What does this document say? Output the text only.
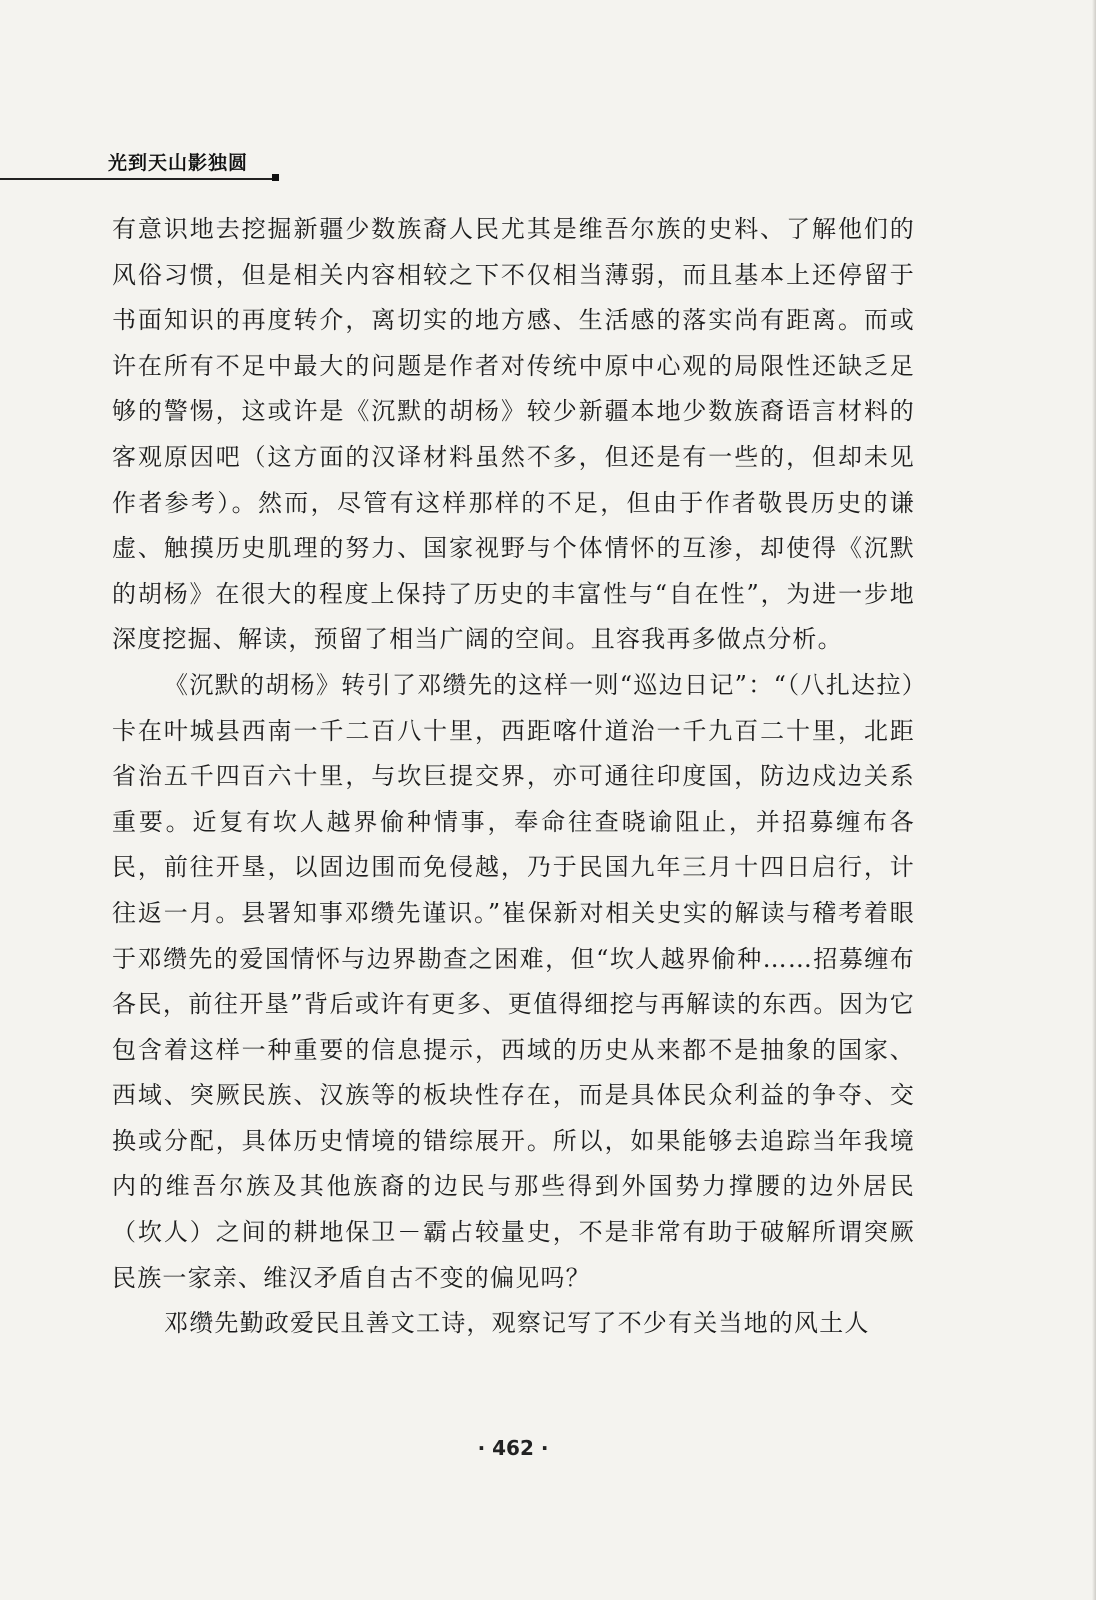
光到天山影独圆

有意识地去挖掘新疆少数族裔人民尤其是维吾尔族的史料、了解他们的风俗习惯，但是相关内容相较之下不仅相当薄弱，而且基本上还停留于书面知识的再度转介，离切实的地方感、生活感的落实尚有距离。而或许在所有不足中最大的问题是作者对传统中原中心观的局限性还缺乏足够的警惕，这或许是《沉默的胡杨》较少新疆本地少数族裔语言材料的客观原因吧（这方面的汉译材料虽然不多，但还是有一些的，但却未见作者参考）。然而，尽管有这样那样的不足，但由于作者敬畏历史的谦虚、触摸历史肌理的努力、国家视野与个体情怀的互渗，却使得《沉默的胡杨》在很大的程度上保持了历史的丰富性与“自在性”，为进一步地深度挖掘、解读，预留了相当广阔的空间。且容我再多做点分析。

《沉默的胡杨》转引了邓缵先的这样一则“巡边日记”：“（八扎达拉）卡在叶城县西南一千二百八十里，西距喀什道治一千九百二十里，北距省治五千四百六十里，与坎巨提交界，亦可通往印度国，防边戍边关系重要。近复有坎人越界偷种情事，奉命往查晓谕阻止，并招募缠布各民，前往开垦，以固边围而免侵越，乃于民国九年三月十四日启行，计往返一月。县署知事邓缵先谨识。”崔保新对相关史实的解读与稽考着眼于邓缵先的爱国情怀与边界勘查之困难，但“坎人越界偷种……招募缠布各民，前往开垦”背后或许有更多、更值得细挖与再解读的东西。因为它包含着这样一种重要的信息提示，西域的历史从来都不是抽象的国家、西域、突厥民族、汉族等的板块性存在，而是具体民众利益的争夺、交换或分配，具体历史情境的错综展开。所以，如果能够去追踪当年我境内的维吾尔族及其他族裔的边民与那些得到外国势力撑腰的边外居民（坎人）之间的耕地保卫－霸占较量史，不是非常有助于破解所谓突厥民族一家亲、维汉矛盾自古不变的偏见吗？

邓缵先勤政爱民且善文工诗，观察记写了不少有关当地的风土人

· 462 ·
